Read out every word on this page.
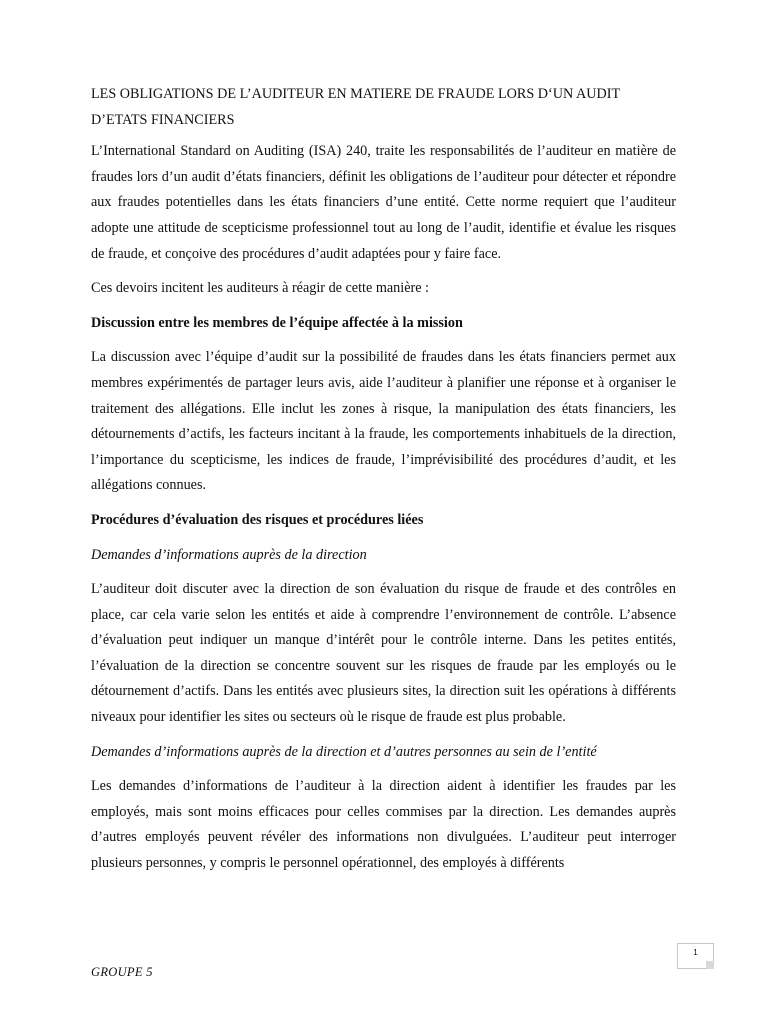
LES OBLIGATIONS DE L’AUDITEUR EN MATIERE DE FRAUDE LORS D‘UN AUDIT
D’ETATS FINANCIERS

L’International Standard on Auditing (ISA) 240, traite les responsabilités de l’auditeur en matière de fraudes lors d’un audit d’états financiers, définit les obligations de l’auditeur pour détecter et répondre aux fraudes potentielles dans les états financiers d’une entité. Cette norme requiert que l’auditeur adopte une attitude de scepticisme professionnel tout au long de l’audit, identifie et évalue les risques de fraude, et conçoive des procédures d’audit adaptées pour y faire face.

Ces devoirs incitent les auditeurs à réagir de cette manière :

Discussion entre les membres de l’équipe affectée à la mission

La discussion avec l’équipe d’audit sur la possibilité de fraudes dans les états financiers permet aux membres expérimentés de partager leurs avis, aide l’auditeur à planifier une réponse et à organiser le traitement des allégations. Elle inclut les zones à risque, la manipulation des états financiers, les détournements d’actifs, les facteurs incitant à la fraude, les comportements inhabituels de la direction, l’importance du scepticisme, les indices de fraude, l’imprévisibilité des procédures d’audit, et les allégations connues.

Procédures d’évaluation des risques et procédures liées
Demandes d’informations auprès de la direction

L’auditeur doit discuter avec la direction de son évaluation du risque de fraude et des contrôles en place, car cela varie selon les entités et aide à comprendre l’environnement de contrôle. L’absence d’évaluation peut indiquer un manque d’intérêt pour le contrôle interne. Dans les petites entités, l’évaluation de la direction se concentre souvent sur les risques de fraude par les employés ou le détournement d’actifs. Dans les entités avec plusieurs sites, la direction suit les opérations à différents niveaux pour identifier les sites ou secteurs où le risque de fraude est plus probable.

Demandes d’informations auprès de la direction et d’autres personnes au sein de l’entité

Les demandes d’informations de l’auditeur à la direction aident à identifier les fraudes par les employés, mais sont moins efficaces pour celles commises par la direction. Les demandes auprès d’autres employés peuvent révéler des informations non divulguées. L’auditeur peut interroger plusieurs personnes, y compris le personnel opérationnel, des employés à différents

1
GROUPE 5
